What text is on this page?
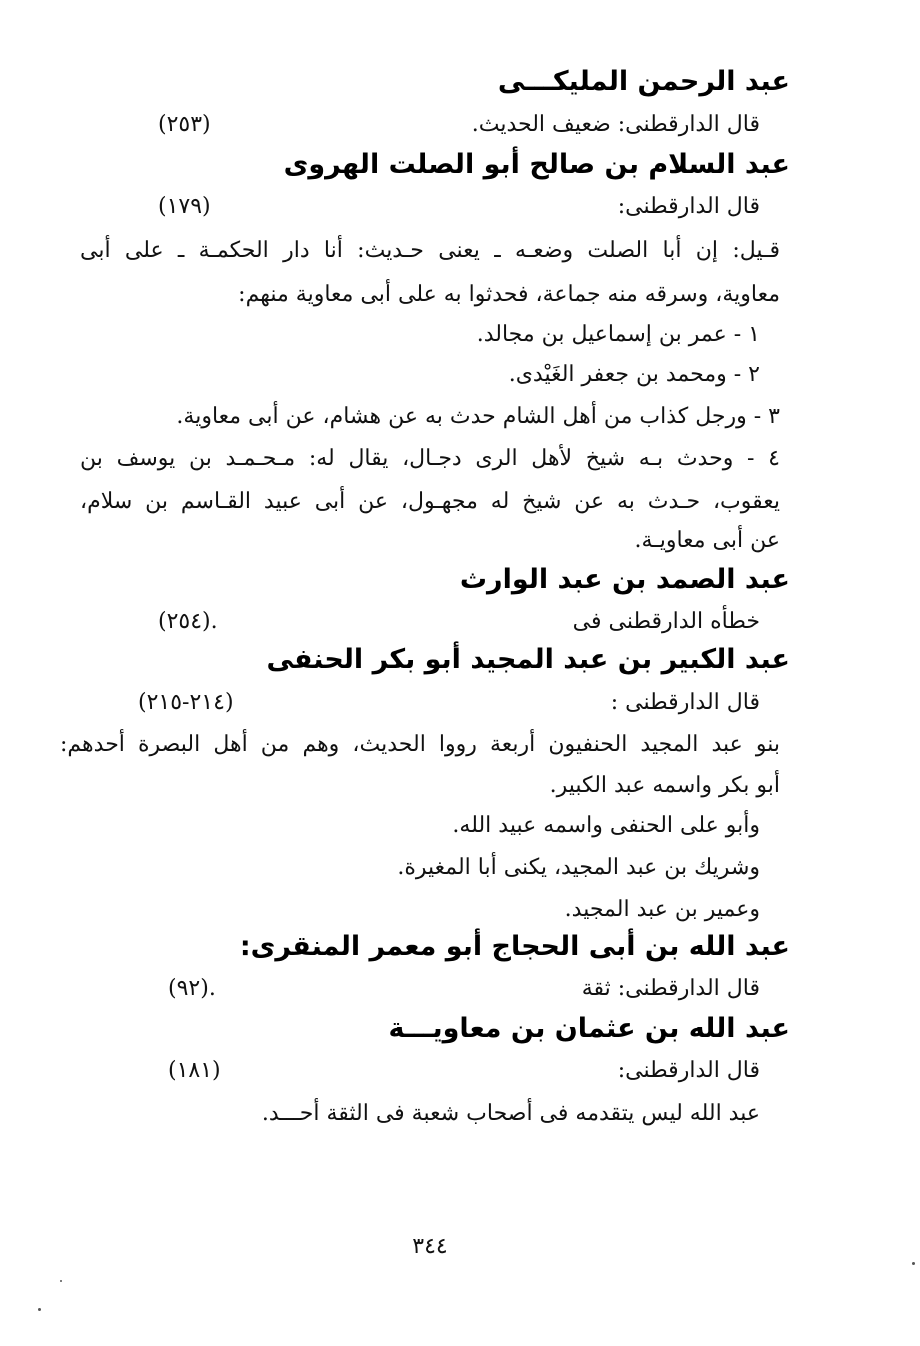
عبد الرحمن المليكـــى
قال الدارقطنى: ضعيف الحديث.
(٢٥٣)
عبد السلام بن صالح أبو الصلت الهروى
قال الدارقطنى:
(١٧٩)
قـيل: إن أبا الصلت وضعـه ـ يعنى حـديث: أنا دار الحكمـة ـ على أبى
معاوية، وسرقه منه جماعة، فحدثوا به على أبى معاوية منهم:
١ - عمر بن إسماعيل بن مجالد.
٢ - ومحمد بن جعفر الغَيْدى.
٣ - ورجل كذاب من أهل الشام حدث به عن هشام، عن أبى معاوية.
٤ - وحدث بـه شيخ لأهل الرى دجـال، يقال له: مـحـمـد بن يوسف بن
يعقوب، حـدث به عن شيخ له مجهـول، عن أبى عبيد القـاسم بن سلام،
عن أبى معاويـة.
عبد الصمد بن عبد الوارث
خطأه الدارقطنى فى
(٢٥٤).
عبد الكبير بن عبد المجيد أبو بكر الحنفى
قال الدارقطنى :
(٢١٤-٢١٥)
بنو عبد المجيد الحنفيون أربعة رووا الحديث، وهم من أهل البصرة أحدهم:
أبو بكر واسمه عبد الكبير.
وأبو على الحنفى واسمه عبيد الله.
وشريك بن عبد المجيد، يكنى أبا المغيرة.
وعمير بن عبد المجيد.
عبد الله بن أبى الحجاج أبو معمر المنقرى:
قال الدارقطنى: ثقة
(٩٢).
عبد الله بن عثمان بن معاويـــة
قال الدارقطنى:
(١٨١)
عبد الله ليس يتقدمه فى أصحاب شعبة فى الثقة أحـــد.
٣٤٤
